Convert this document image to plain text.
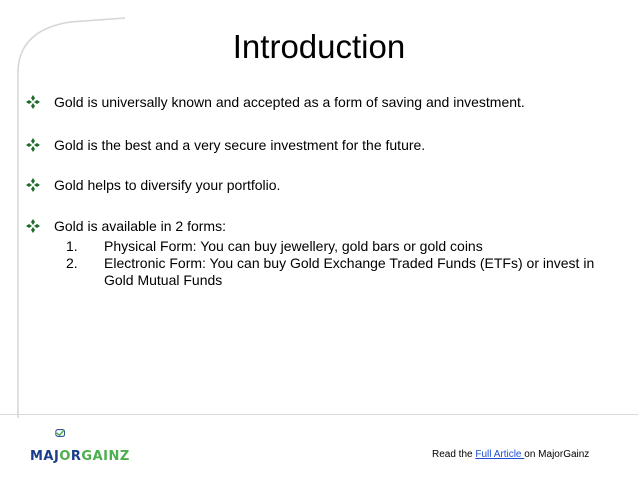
Introduction
Gold is universally known and accepted as a form of saving and investment.
Gold is the best and a very secure investment for the future.
Gold helps to diversify your portfolio.
Gold is available in 2 forms:
1.	Physical Form: You can buy jewellery, gold bars or gold coins
2.	Electronic Form: You can buy Gold Exchange Traded Funds (ETFs) or invest in Gold Mutual Funds
MAJORGAINZ	Read the Full Article on MajorGainz
